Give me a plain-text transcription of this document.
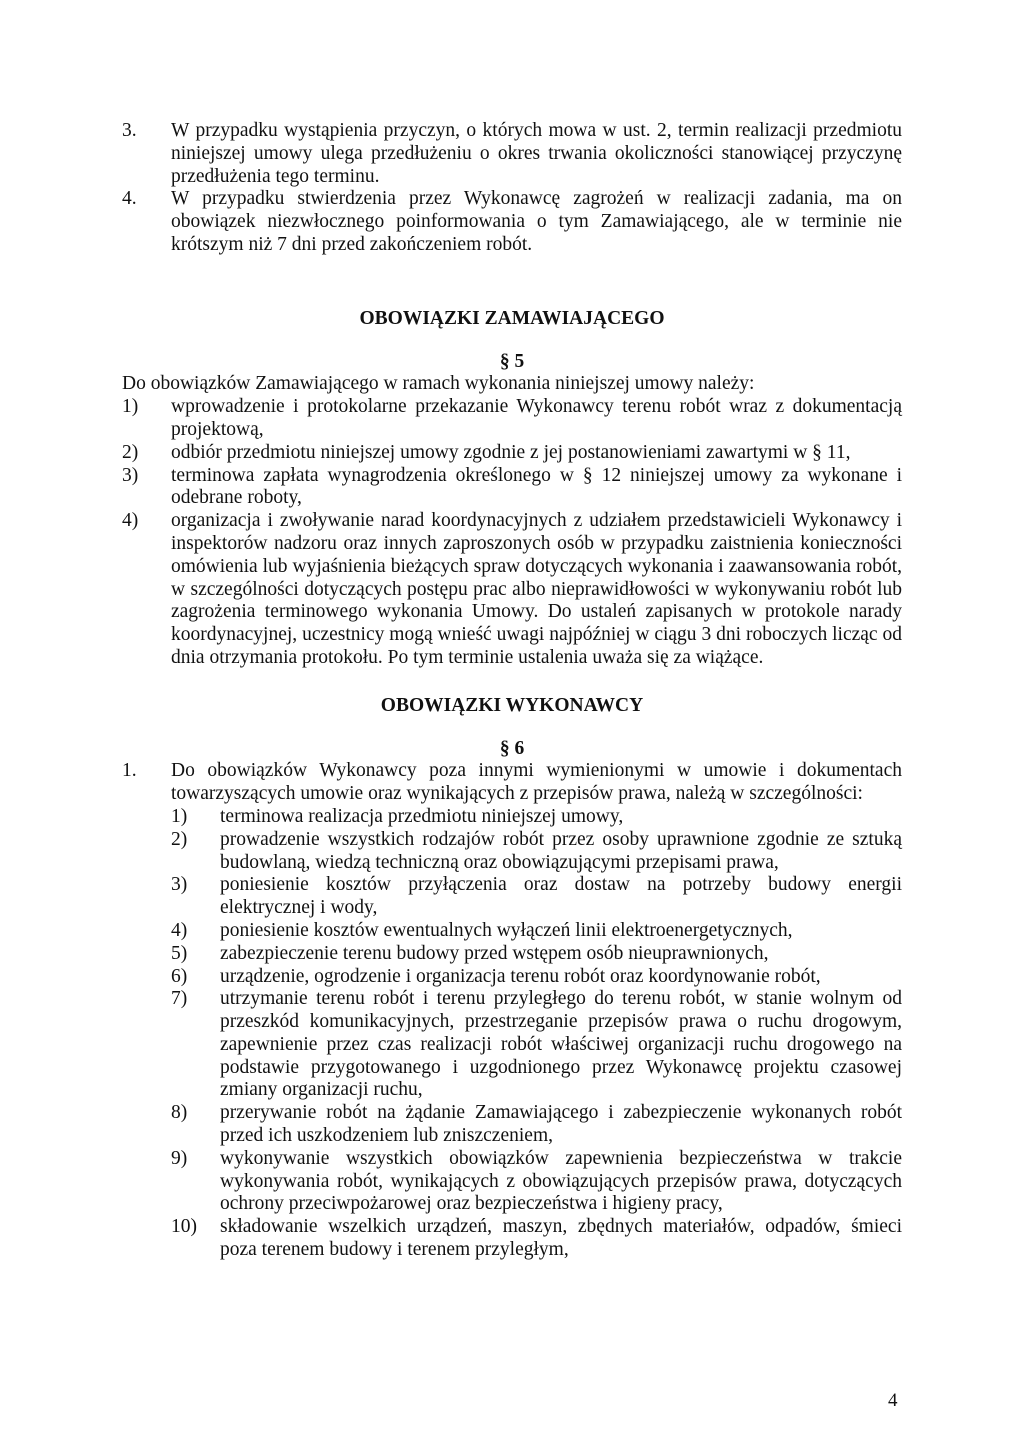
3.	W przypadku wystąpienia przyczyn, o których mowa w ust. 2, termin realizacji przedmiotu niniejszej umowy ulega przedłużeniu o okres trwania okoliczności stanowiącej przyczynę przedłużenia tego terminu.
4.	W przypadku stwierdzenia przez Wykonawcę zagrożeń w realizacji zadania, ma on obowiązek niezwłocznego poinformowania o tym Zamawiającego, ale w terminie nie krótszym niż 7 dni przed zakończeniem robót.
OBOWIĄZKI ZAMAWIAJĄCEGO
§ 5
Do obowiązków Zamawiającego w ramach wykonania niniejszej umowy należy:
1)	wprowadzenie i protokolarne przekazanie Wykonawcy terenu robót wraz z dokumentacją projektową,
2)	odbiór przedmiotu niniejszej umowy zgodnie z jej postanowieniami zawartymi w § 11,
3)	terminowa zapłata wynagrodzenia określonego w § 12 niniejszej umowy za wykonane i odebrane roboty,
4)	organizacja i zwoływanie narad koordynacyjnych z udziałem przedstawicieli Wykonawcy i inspektorów nadzoru oraz innych zaproszonych osób w przypadku zaistnienia konieczności omówienia lub wyjaśnienia bieżących spraw dotyczących wykonania i zaawansowania robót, w szczególności dotyczących postępu prac albo nieprawidłowości w wykonywaniu robót lub zagrożenia terminowego wykonania Umowy. Do ustaleń zapisanych w protokole narady koordynacyjnej, uczestnicy mogą wnieść uwagi najpóźniej w ciągu 3 dni roboczych licząc od dnia otrzymania protokołu. Po tym terminie ustalenia uważa się za wiążące.
OBOWIĄZKI WYKONAWCY
§ 6
1.	Do obowiązków Wykonawcy poza innymi wymienionymi w umowie i dokumentach towarzyszących umowie oraz wynikających z przepisów prawa, należą w szczególności:
1)	terminowa realizacja przedmiotu niniejszej umowy,
2)	prowadzenie wszystkich rodzajów robót przez osoby uprawnione zgodnie ze sztuką budowlaną, wiedzą techniczną oraz obowiązującymi przepisami prawa,
3)	poniesienie kosztów przyłączenia oraz dostaw na potrzeby budowy energii elektrycznej i wody,
4)	poniesienie kosztów ewentualnych wyłączeń linii elektroenergetycznych,
5)	zabezpieczenie terenu budowy przed wstępem osób nieuprawnionych,
6)	urządzenie, ogrodzenie i organizacja terenu robót oraz koordynowanie robót,
7)	utrzymanie terenu robót i terenu przyległego do terenu robót, w stanie wolnym od przeszkód komunikacyjnych, przestrzeganie przepisów prawa o ruchu drogowym, zapewnienie przez czas realizacji robót właściwej organizacji ruchu drogowego na podstawie przygotowanego i uzgodnionego przez Wykonawcę projektu czasowej zmiany organizacji ruchu,
8)	przerywanie robót na żądanie Zamawiającego i zabezpieczenie wykonanych robót przed ich uszkodzeniem lub zniszczeniem,
9)	wykonywanie wszystkich obowiązków zapewnienia bezpieczeństwa w trakcie wykonywania robót, wynikających z obowiązujących przepisów prawa, dotyczących ochrony przeciwpożarowej oraz bezpieczeństwa i higieny pracy,
10)	składowanie wszelkich urządzeń, maszyn, zbędnych materiałów, odpadów, śmieci poza terenem budowy i terenem przyległym,
4
